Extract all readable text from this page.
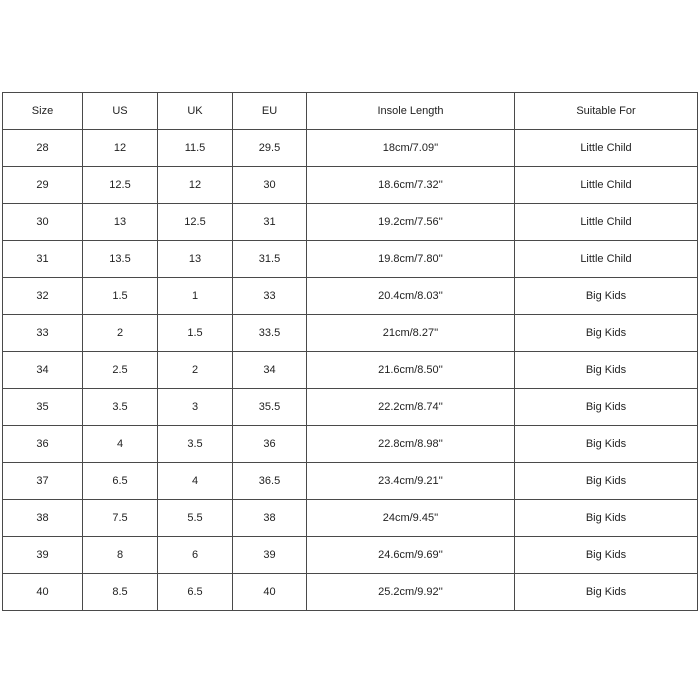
Size	US	UK	EU	Insole Length	Suitable For
28	12	11.5	29.5	18cm/7.09''	Little Child
29	12.5	12	30	18.6cm/7.32''	Little Child
30	13	12.5	31	19.2cm/7.56''	Little Child
31	13.5	13	31.5	19.8cm/7.80''	Little Child
32	1.5	1	33	20.4cm/8.03''	Big Kids
33	2	1.5	33.5	21cm/8.27''	Big Kids
34	2.5	2	34	21.6cm/8.50''	Big Kids
35	3.5	3	35.5	22.2cm/8.74''	Big Kids
36	4	3.5	36	22.8cm/8.98''	Big Kids
37	6.5	4	36.5	23.4cm/9.21''	Big Kids
38	7.5	5.5	38	24cm/9.45''	Big Kids
39	8	6	39	24.6cm/9.69''	Big Kids
40	8.5	6.5	40	25.2cm/9.92''	Big Kids
